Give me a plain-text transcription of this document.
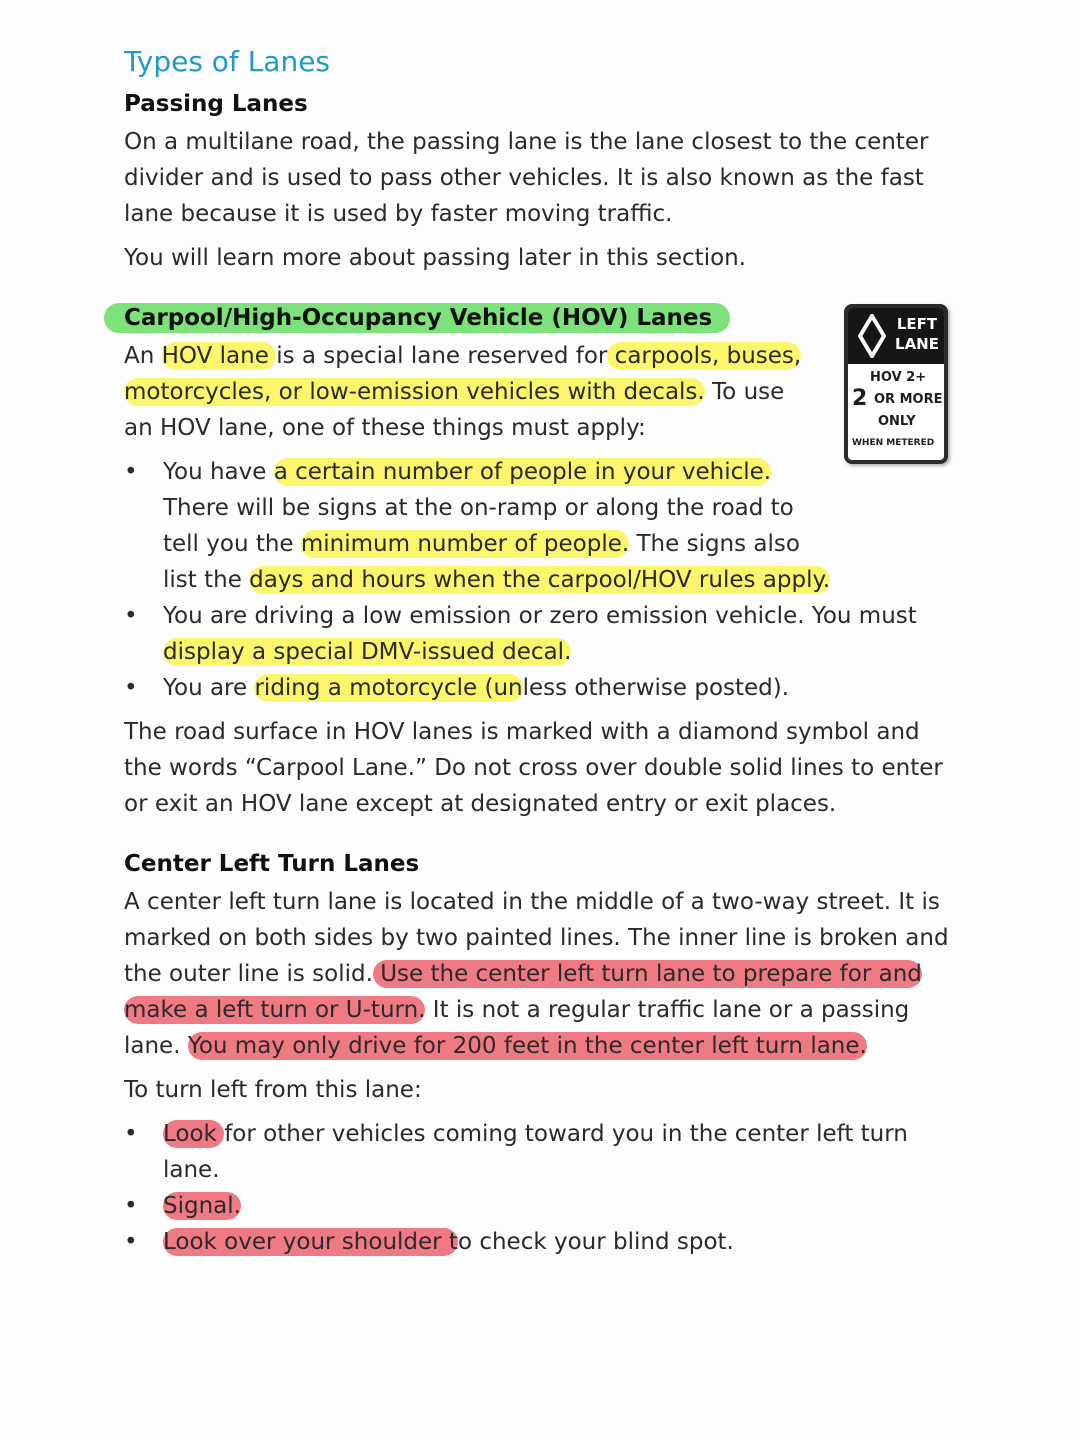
Types of Lanes
Passing Lanes

On a multilane road, the passing lane is the lane closest to the center
divider and is used to pass other vehicles. It is also known as the fast
lane because it is used by faster moving traffic.

You will learn more about passing later in this section.

Carpool/High-Occupancy Vehicle (HOV) Lanes	LEFT
LANE
HOV 2+
2 OR MORE
ONLY
WHEN METERED

An HOV lane is a special lane reserved for carpools, buses,
motorcycles, or low-emission vehicles with decals. To use
an HOV lane, one of these things must apply:

• You have a certain number of people in your vehicle.
There will be signs at the on-ramp or along the road to
tell you the minimum number of people. The signs also
list the days and hours when the carpool/HOV rules apply.
• You are driving a low emission or zero emission vehicle. You must
display a special DMV-issued decal.
• You are riding a motorcycle (unless otherwise posted).

The road surface in HOV lanes is marked with a diamond symbol and
the words “Carpool Lane.” Do not cross over double solid lines to enter
or exit an HOV lane except at designated entry or exit places.

Center Left Turn Lanes

A center left turn lane is located in the middle of a two-way street. It is
marked on both sides by two painted lines. The inner line is broken and
the outer line is solid. Use the center left turn lane to prepare for and
make a left turn or U-turn. It is not a regular traffic lane or a passing
lane. You may only drive for 200 feet in the center left turn lane.

To turn left from this lane:

• Look for other vehicles coming toward you in the center left turn
lane.
• Signal.
• Look over your shoulder to check your blind spot.
